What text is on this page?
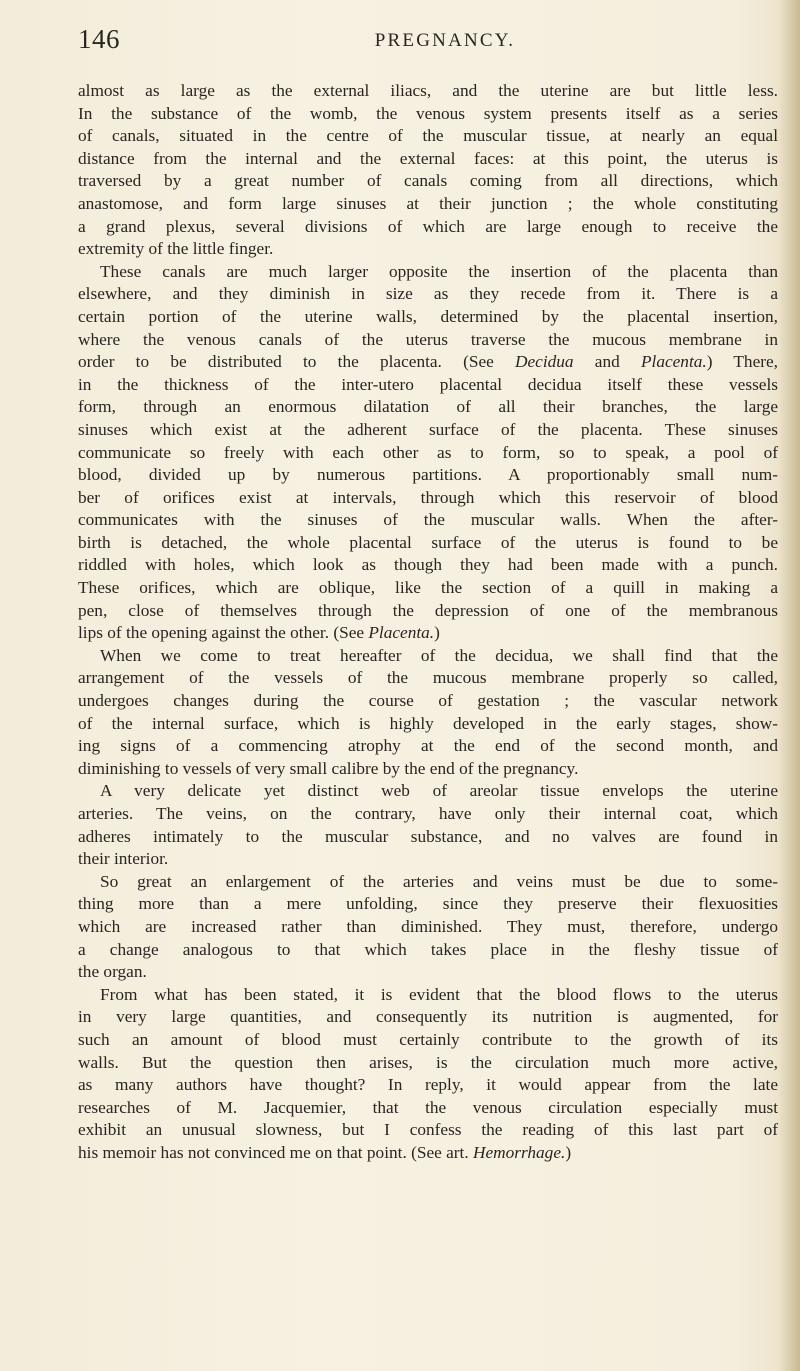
146	PREGNANCY.
almost as large as the external iliacs, and the uterine are but little less.
In the substance of the womb, the venous system presents itself as a series
of canals, situated in the centre of the muscular tissue, at nearly an equal
distance from the internal and the external faces: at this point, the uterus is
traversed by a great number of canals coming from all directions, which
anastomose, and form large sinuses at their junction ; the whole constituting
a grand plexus, several divisions of which are large enough to receive the
extremity of the little finger.
These canals are much larger opposite the insertion of the placenta than
elsewhere, and they diminish in size as they recede from it. There is a
certain portion of the uterine walls, determined by the placental insertion,
where the venous canals of the uterus traverse the mucous membrane in
order to be distributed to the placenta. (See Decidua and Placenta.) There,
in the thickness of the inter-utero placental decidua itself these vessels
form, through an enormous dilatation of all their branches, the large
sinuses which exist at the adherent surface of the placenta. These sinuses
communicate so freely with each other as to form, so to speak, a pool of
blood, divided up by numerous partitions. A proportionably small num-
ber of orifices exist at intervals, through which this reservoir of blood
communicates with the sinuses of the muscular walls. When the after-
birth is detached, the whole placental surface of the uterus is found to be
riddled with holes, which look as though they had been made with a punch.
These orifices, which are oblique, like the section of a quill in making a
pen, close of themselves through the depression of one of the membranous
lips of the opening against the other. (See Placenta.)
When we come to treat hereafter of the decidua, we shall find that the
arrangement of the vessels of the mucous membrane properly so called,
undergoes changes during the course of gestation ; the vascular network
of the internal surface, which is highly developed in the early stages, show-
ing signs of a commencing atrophy at the end of the second month, and
diminishing to vessels of very small calibre by the end of the pregnancy.
A very delicate yet distinct web of areolar tissue envelops the uterine
arteries. The veins, on the contrary, have only their internal coat, which
adheres intimately to the muscular substance, and no valves are found in
their interior.
So great an enlargement of the arteries and veins must be due to some-
thing more than a mere unfolding, since they preserve their flexuosities
which are increased rather than diminished. They must, therefore, undergo
a change analogous to that which takes place in the fleshy tissue of
the organ.
From what has been stated, it is evident that the blood flows to the uterus
in very large quantities, and consequently its nutrition is augmented, for
such an amount of blood must certainly contribute to the growth of its
walls. But the question then arises, is the circulation much more active,
as many authors have thought? In reply, it would appear from the late
researches of M. Jacquemier, that the venous circulation especially must
exhibit an unusual slowness, but I confess the reading of this last part of
his memoir has not convinced me on that point. (See art. Hemorrhage.)
